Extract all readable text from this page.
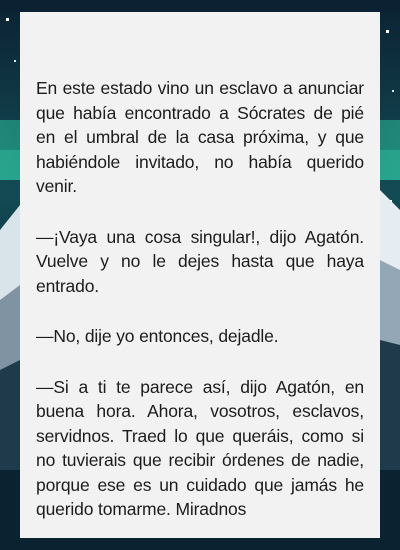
En este estado vino un esclavo a anunciar que había encontrado a Sócrates de pié en el umbral de la casa próxima, y que habiéndole invitado, no había querido venir.

—¡Vaya una cosa singular!, dijo Agatón. Vuelve y no le dejes hasta que haya entrado.

—No, dije yo entonces, dejadle.

—Si a ti te parece así, dijo Agatón, en buena hora. Ahora, vosotros, esclavos, servidnos. Traed lo que queráis, como si no tuvierais que recibir órdenes de nadie, porque ese es un cuidado que jamás he querido tomarme. Miradnos
